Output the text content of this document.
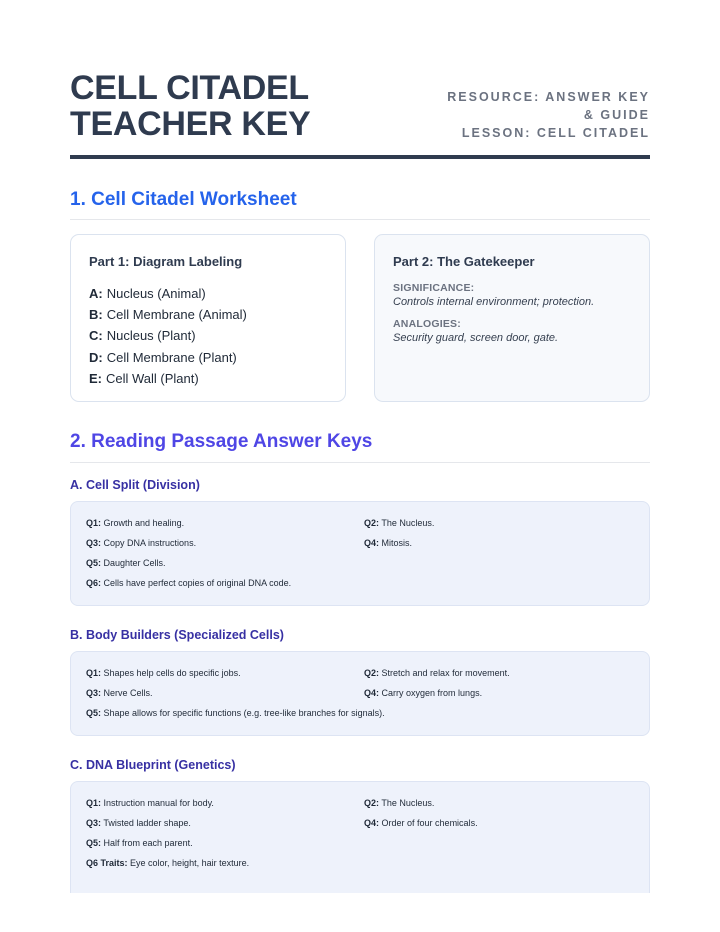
CELL CITADEL
TEACHER KEY
RESOURCE: ANSWER KEY & GUIDE
LESSON: CELL CITADEL
1. Cell Citadel Worksheet
Part 1: Diagram Labeling
A: Nucleus (Animal)
B: Cell Membrane (Animal)
C: Nucleus (Plant)
D: Cell Membrane (Plant)
E: Cell Wall (Plant)
Part 2: The Gatekeeper
SIGNIFICANCE:
Controls internal environment; protection.
ANALOGIES:
Security guard, screen door, gate.
2. Reading Passage Answer Keys
A. Cell Split (Division)
Q1: Growth and healing.	Q2: The Nucleus.
Q3: Copy DNA instructions.	Q4: Mitosis.
Q5: Daughter Cells.
Q6: Cells have perfect copies of original DNA code.
B. Body Builders (Specialized Cells)
Q1: Shapes help cells do specific jobs.	Q2: Stretch and relax for movement.
Q3: Nerve Cells.	Q4: Carry oxygen from lungs.
Q5: Shape allows for specific functions (e.g. tree-like branches for signals).
C. DNA Blueprint (Genetics)
Q1: Instruction manual for body.	Q2: The Nucleus.
Q3: Twisted ladder shape.	Q4: Order of four chemicals.
Q5: Half from each parent.
Q6 Traits: Eye color, height, hair texture.
